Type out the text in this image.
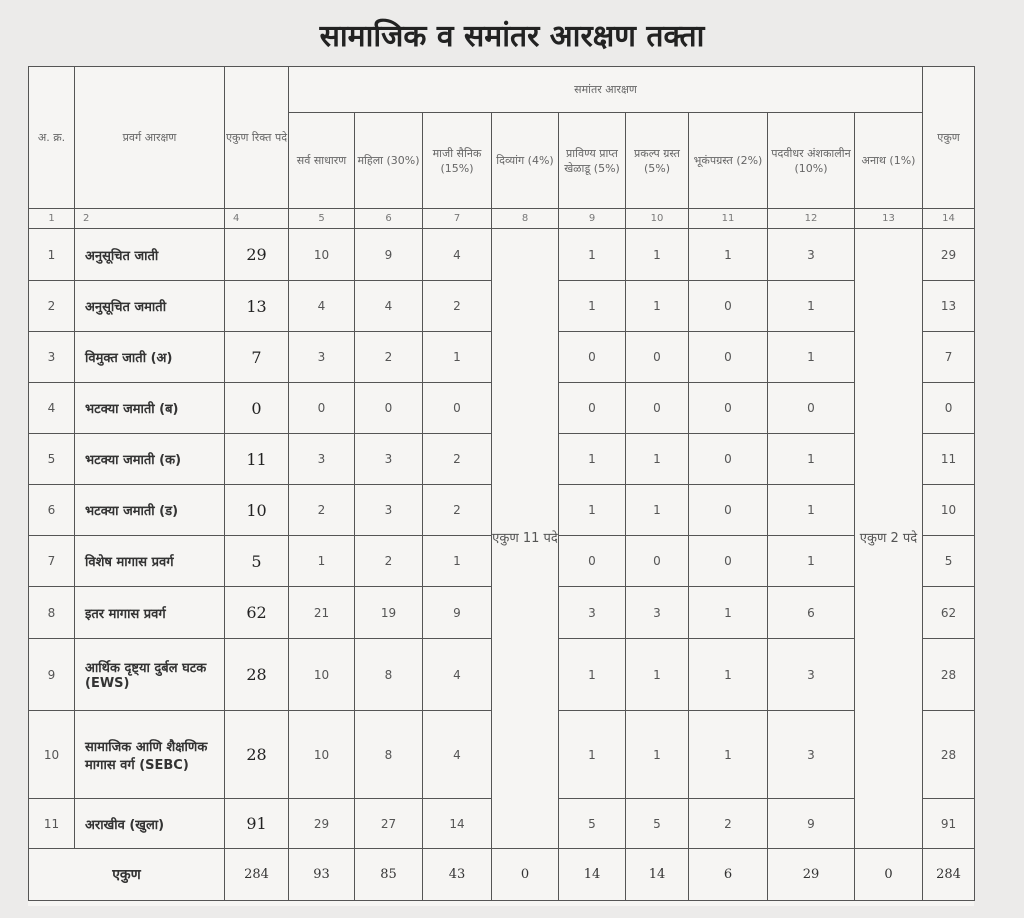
सामाजिक व समांतर आरक्षण तक्ता
अ. क्र.	प्रवर्ग आरक्षण	एकुण रिक्त पदे	समांतर आरक्षण									एकुण
			सर्व साधारण	महिला (30%)	माजी सैनिक (15%)	दिव्यांग (4%)	प्राविण्य प्राप्त खेळाडू (5%)	प्रकल्प ग्रस्त (5%)	भूकंपग्रस्त (2%)	पदवीधर अंशकालीन (10%)	अनाथ (1%)	
1	2	4	5	6	7	8	9	10	11	12	13	14
1	अनुसूचित जाती	29	10	9	4	एकुण 11 पदे	1	1	1	3	एकुण 2 पदे	29
2	अनुसूचित जमाती	13	4	4	2		1	1	0	1		13
3	विमुक्त जाती (अ)	7	3	2	1		0	0	0	1		7
4	भटक्या जमाती (ब)	0	0	0	0		0	0	0	0		0
5	भटक्या जमाती (क)	11	3	3	2		1	1	0	1		11
6	भटक्या जमाती (ड)	10	2	3	2		1	1	0	1		10
7	विशेष मागास प्रवर्ग	5	1	2	1		0	0	0	1		5
8	इतर मागास प्रवर्ग	62	21	19	9		3	3	1	6		62
9	आर्थिक दृष्ट्या दुर्बल घटक (EWS)	28	10	8	4		1	1	1	3		28
10	सामाजिक आणि शैक्षणिक मागास वर्ग (SEBC)	28	10	8	4		1	1	1	3		28
11	अराखीव (खुला)	91	29	27	14		5	5	2	9		91
एकुण		284	93	85	43	0	14	14	6	29	0	284
